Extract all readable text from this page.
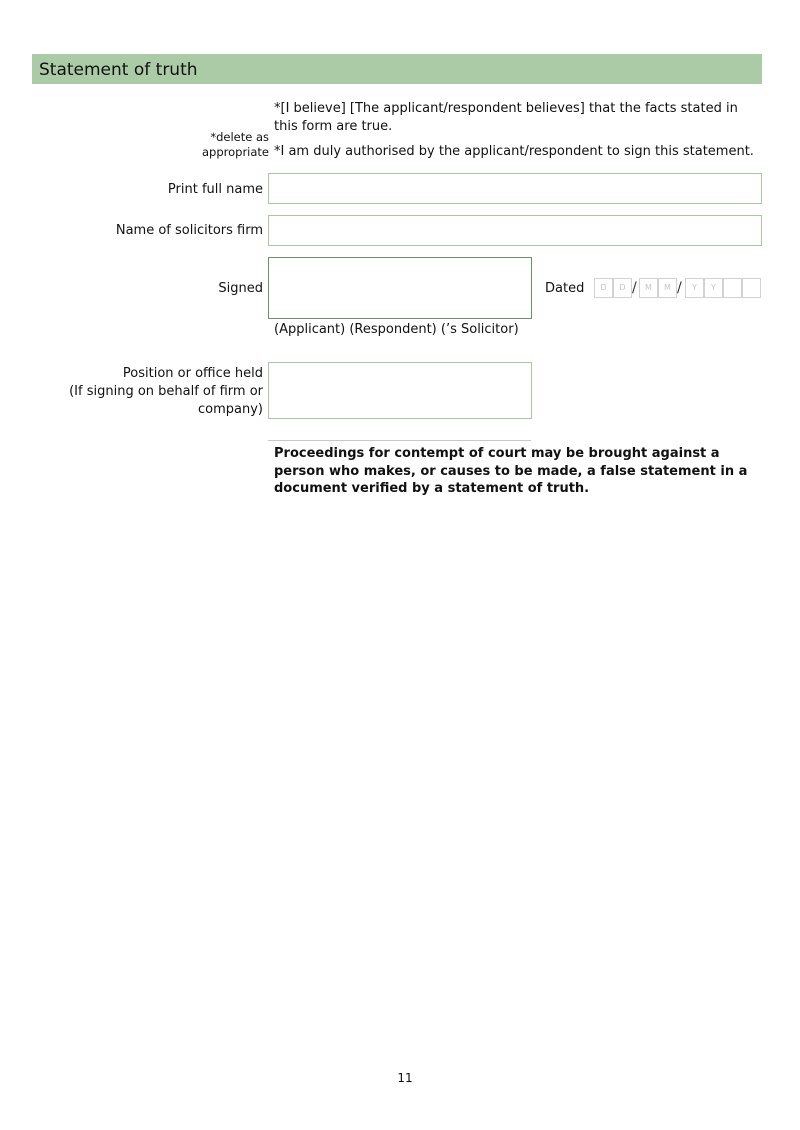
Statement of truth
*[I believe] [The applicant/respondent believes] that the facts stated in this form are true.
*I am duly authorised by the applicant/respondent to sign this statement.
*delete as
appropriate
Print full name
Name of solicitors firm
Signed	Dated	D	D /	M	M /	Y	Y
(Applicant) (Respondent) (’s Solicitor)
Position or office held
(If signing on behalf of firm or
company)
Proceedings for contempt of court may be brought against a person who makes, or causes to be made, a false statement in a document verified by a statement of truth.
11
